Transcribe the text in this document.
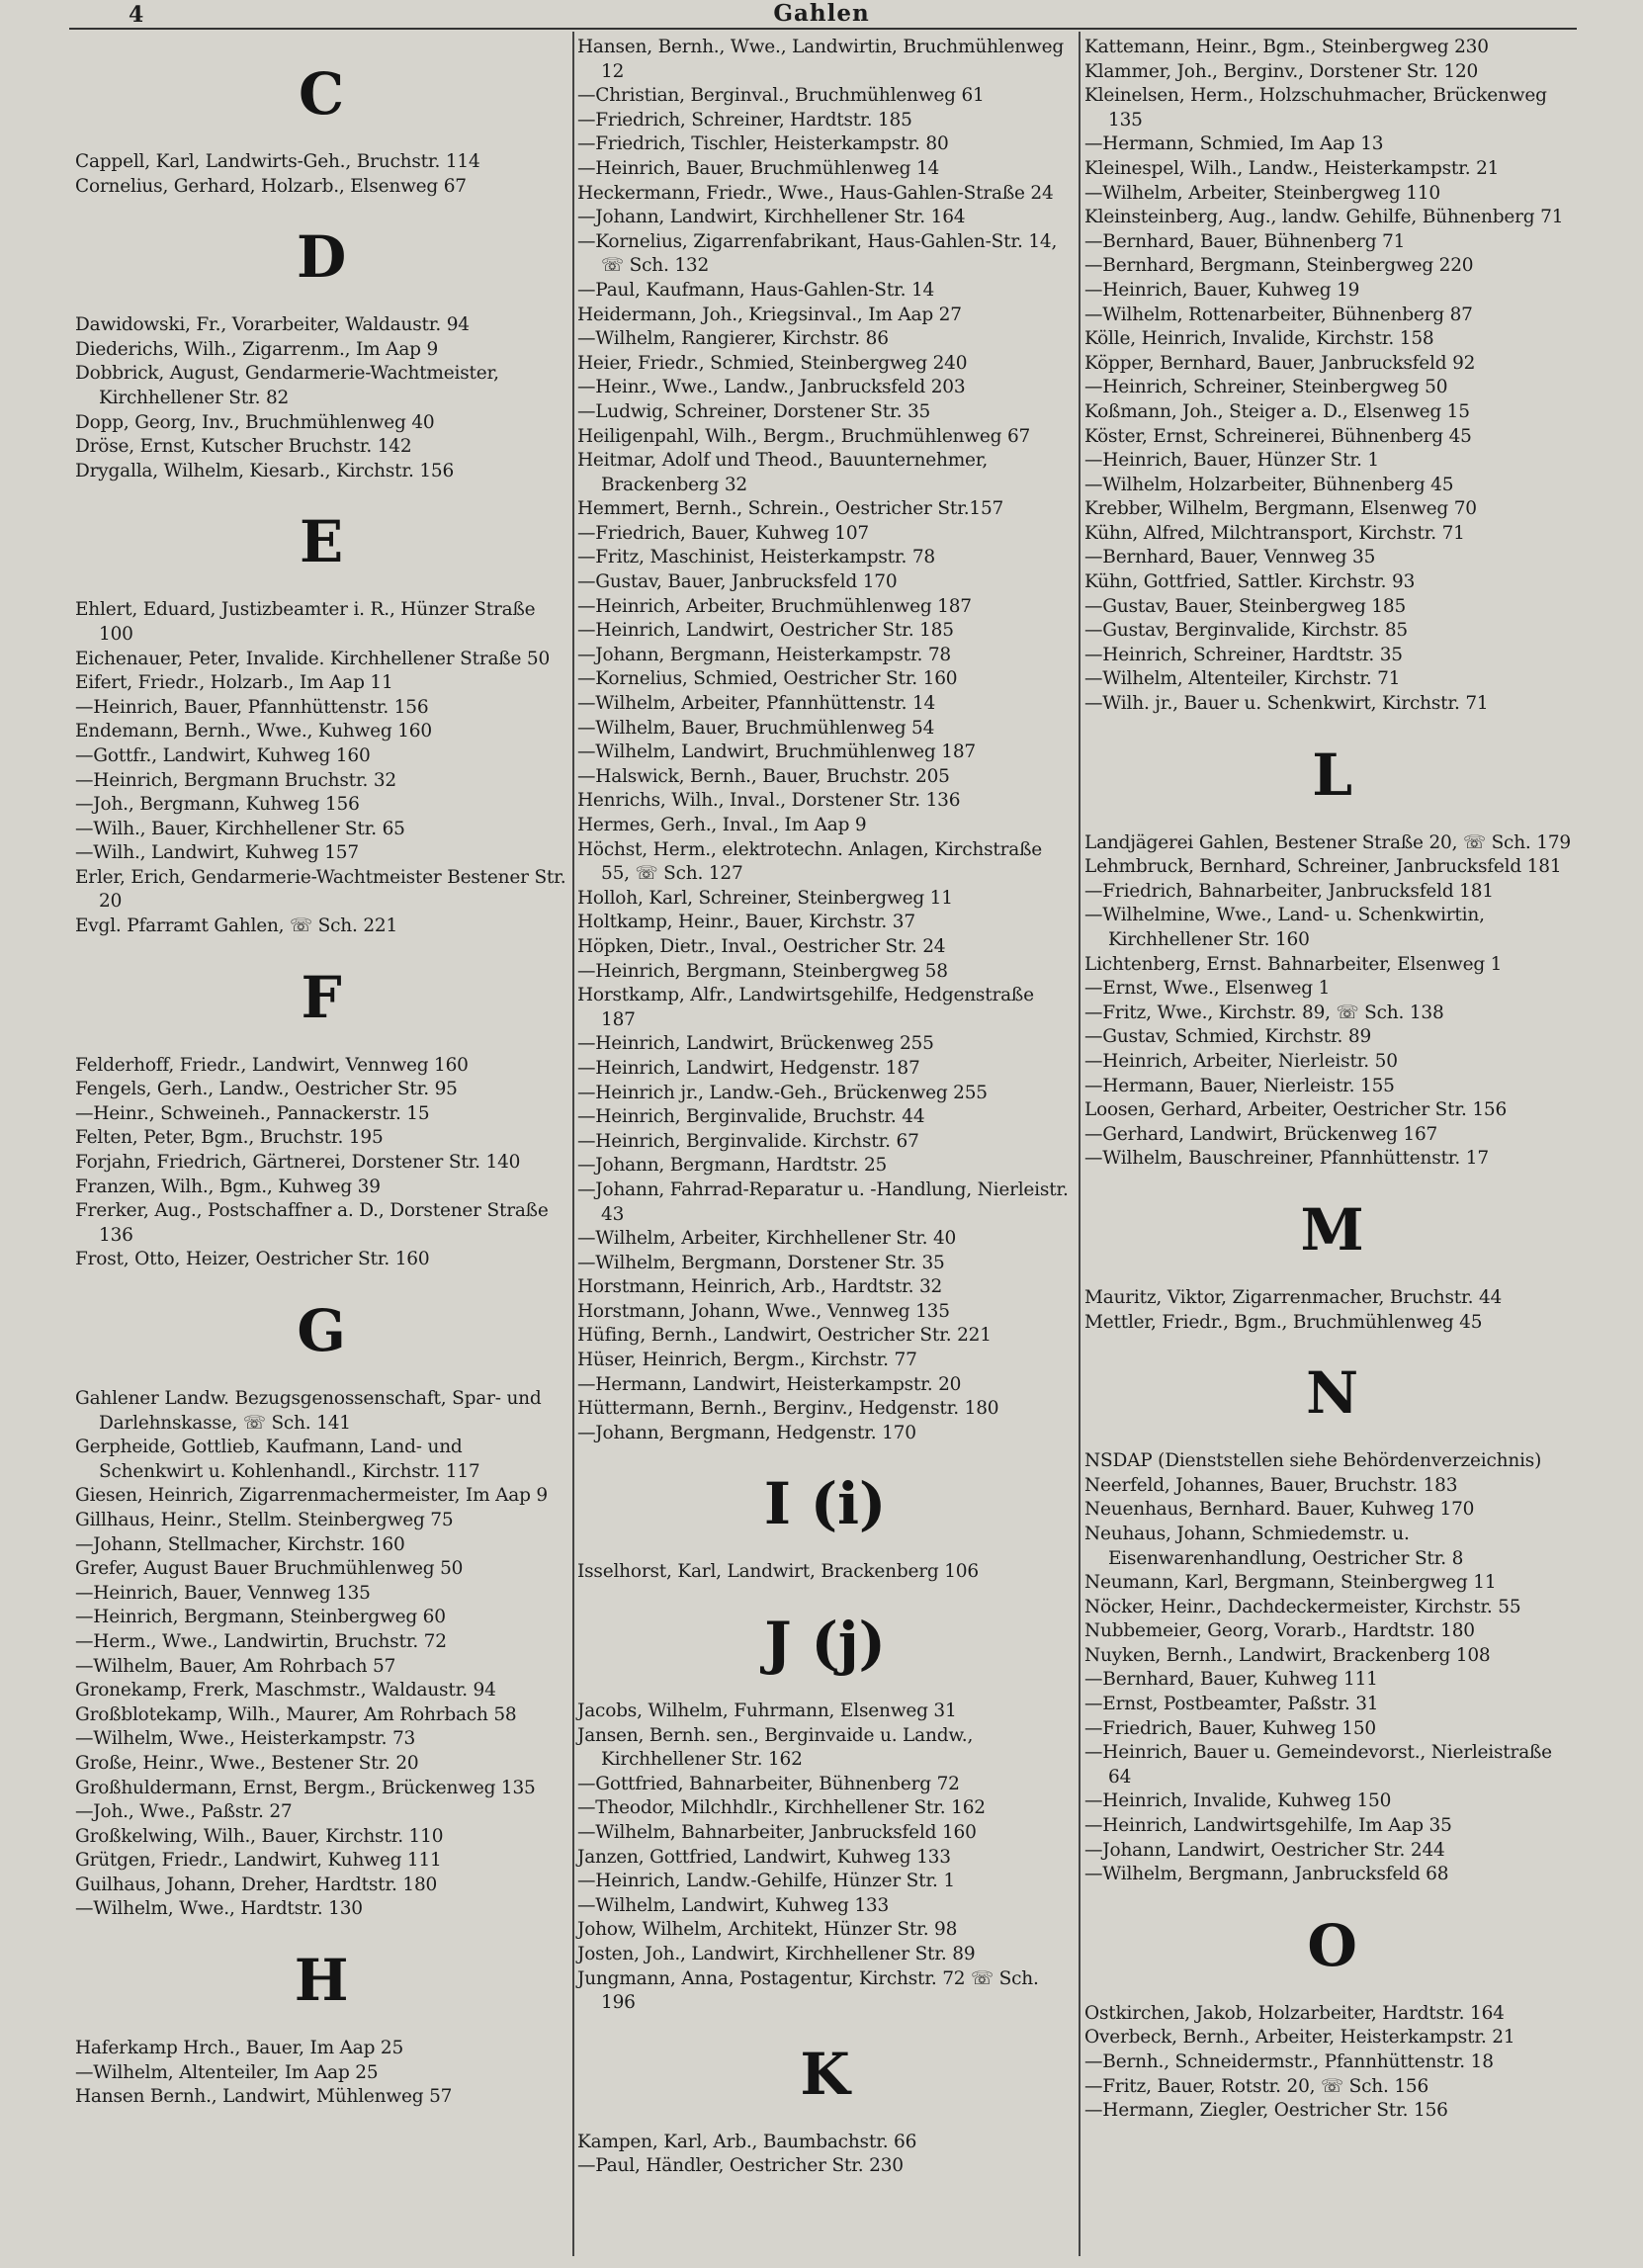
4	Gahlen
C

Cappell, Karl, Landwirts-Geh., Bruchstr. 114

Cornelius, Gerhard, Holzarb., Elsenweg 67

D

Dawidowski, Fr., Vorarbeiter, Waldaustr. 94

Diederichs, Wilh., Zigarrenm., Im Aap 9

Dobbrick, August, Gendarmerie-Wachtmeister, Kirchhellener Str. 82

Dopp, Georg, Inv., Bruchmühlenweg 40

Dröse, Ernst, Kutscher Bruchstr. 142

Drygalla, Wilhelm, Kiesarb., Kirchstr. 156

E

Ehlert, Eduard, Justizbeamter i. R., Hünzer Straße 100

Eichenauer, Peter, Invalide. Kirchhellener Straße 50

Eifert, Friedr., Holzarb., Im Aap 11

—Heinrich, Bauer, Pfannhüttenstr. 156

Endemann, Bernh., Wwe., Kuhweg 160

—Gottfr., Landwirt, Kuhweg 160

—Heinrich, Bergmann Bruchstr. 32

—Joh., Bergmann, Kuhweg 156

—Wilh., Bauer, Kirchhellener Str. 65

—Wilh., Landwirt, Kuhweg 157

Erler, Erich, Gendarmerie-Wachtmeister Bestener Str. 20

Evgl. Pfarramt Gahlen, ☏ Sch. 221

F

Felderhoff, Friedr., Landwirt, Vennweg 160

Fengels, Gerh., Landw., Oestricher Str. 95

—Heinr., Schweineh., Pannackerstr. 15

Felten, Peter, Bgm., Bruchstr. 195

Forjahn, Friedrich, Gärtnerei, Dorstener Str. 140

Franzen, Wilh., Bgm., Kuhweg 39

Frerker, Aug., Postschaffner a. D., Dorstener Straße 136

Frost, Otto, Heizer, Oestricher Str. 160

G

Gahlener Landw. Bezugsgenossenschaft, Spar- und Darlehnskasse, ☏ Sch. 141

Gerpheide, Gottlieb, Kaufmann, Land- und Schenkwirt u. Kohlenhandl., Kirchstr. 117

Giesen, Heinrich, Zigarrenmachermeister, Im Aap 9

Gillhaus, Heinr., Stellm. Steinbergweg 75

—Johann, Stellmacher, Kirchstr. 160

Grefer, August Bauer Bruchmühlenweg 50

—Heinrich, Bauer, Vennweg 135

—Heinrich, Bergmann, Steinbergweg 60

—Herm., Wwe., Landwirtin, Bruchstr. 72

—Wilhelm, Bauer, Am Rohrbach 57

Gronekamp, Frerk, Maschmstr., Waldaustr. 94

Großblotekamp, Wilh., Maurer, Am Rohrbach 58

—Wilhelm, Wwe., Heisterkampstr. 73

Große, Heinr., Wwe., Bestener Str. 20

Großhuldermann, Ernst, Bergm., Brückenweg 135

—Joh., Wwe., Paßstr. 27

Großkelwing, Wilh., Bauer, Kirchstr. 110

Grütgen, Friedr., Landwirt, Kuhweg 111

Guilhaus, Johann, Dreher, Hardtstr. 180

—Wilhelm, Wwe., Hardtstr. 130

H

Haferkamp Hrch., Bauer, Im Aap 25

—Wilhelm, Altenteiler, Im Aap 25

Hansen Bernh., Landwirt, Mühlenweg 57

Hansen, Bernh., Wwe., Landwirtin, Bruchmühlenweg 12

—Christian, Berginval., Bruchmühlenweg 61

—Friedrich, Schreiner, Hardtstr. 185

—Friedrich, Tischler, Heisterkampstr. 80

—Heinrich, Bauer, Bruchmühlenweg 14

Heckermann, Friedr., Wwe., Haus-Gahlen-Straße 24

—Johann, Landwirt, Kirchhellener Str. 164

—Kornelius, Zigarrenfabrikant, Haus-Gahlen-Str. 14, ☏ Sch. 132

—Paul, Kaufmann, Haus-Gahlen-Str. 14

Heidermann, Joh., Kriegsinval., Im Aap 27

—Wilhelm, Rangierer, Kirchstr. 86

Heier, Friedr., Schmied, Steinbergweg 240

—Heinr., Wwe., Landw., Janbrucksfeld 203

—Ludwig, Schreiner, Dorstener Str. 35

Heiligenpahl, Wilh., Bergm., Bruchmühlenweg 67

Heitmar, Adolf und Theod., Bauunternehmer, Brackenberg 32

Hemmert, Bernh., Schrein., Oestricher Str.157

—Friedrich, Bauer, Kuhweg 107

—Fritz, Maschinist, Heisterkampstr. 78

—Gustav, Bauer, Janbrucksfeld 170

—Heinrich, Arbeiter, Bruchmühlenweg 187

—Heinrich, Landwirt, Oestricher Str. 185

—Johann, Bergmann, Heisterkampstr. 78

—Kornelius, Schmied, Oestricher Str. 160

—Wilhelm, Arbeiter, Pfannhüttenstr. 14

—Wilhelm, Bauer, Bruchmühlenweg 54

—Wilhelm, Landwirt, Bruchmühlenweg 187

—Halswick, Bernh., Bauer, Bruchstr. 205

Henrichs, Wilh., Inval., Dorstener Str. 136

Hermes, Gerh., Inval., Im Aap 9

Höchst, Herm., elektrotechn. Anlagen, Kirchstraße 55, ☏ Sch. 127

Holloh, Karl, Schreiner, Steinbergweg 11

Holtkamp, Heinr., Bauer, Kirchstr. 37

Höpken, Dietr., Inval., Oestricher Str. 24

—Heinrich, Bergmann, Steinbergweg 58

Horstkamp, Alfr., Landwirtsgehilfe, Hedgenstraße 187

—Heinrich, Landwirt, Brückenweg 255

—Heinrich, Landwirt, Hedgenstr. 187

—Heinrich jr., Landw.-Geh., Brückenweg 255

—Heinrich, Berginvalide, Bruchstr. 44

—Heinrich, Berginvalide. Kirchstr. 67

—Johann, Bergmann, Hardtstr. 25

—Johann, Fahrrad-Reparatur u. -Handlung, Nierleistr. 43

—Wilhelm, Arbeiter, Kirchhellener Str. 40

—Wilhelm, Bergmann, Dorstener Str. 35

Horstmann, Heinrich, Arb., Hardtstr. 32

Horstmann, Johann, Wwe., Vennweg 135

Hüfing, Bernh., Landwirt, Oestricher Str. 221

Hüser, Heinrich, Bergm., Kirchstr. 77

—Hermann, Landwirt, Heisterkampstr. 20

Hüttermann, Bernh., Berginv., Hedgenstr. 180

—Johann, Bergmann, Hedgenstr. 170

I (i)

Isselhorst, Karl, Landwirt, Brackenberg 106

J (j)

Jacobs, Wilhelm, Fuhrmann, Elsenweg 31

Jansen, Bernh. sen., Berginvaide u. Landw., Kirchhellener Str. 162

—Gottfried, Bahnarbeiter, Bühnenberg 72

—Theodor, Milchhdlr., Kirchhellener Str. 162

—Wilhelm, Bahnarbeiter, Janbrucksfeld 160

Janzen, Gottfried, Landwirt, Kuhweg 133

—Heinrich, Landw.-Gehilfe, Hünzer Str. 1

—Wilhelm, Landwirt, Kuhweg 133

Johow, Wilhelm, Architekt, Hünzer Str. 98

Josten, Joh., Landwirt, Kirchhellener Str. 89

Jungmann, Anna, Postagentur, Kirchstr. 72 ☏ Sch. 196

K

Kampen, Karl, Arb., Baumbachstr. 66

—Paul, Händler, Oestricher Str. 230

Kattemann, Heinr., Bgm., Steinbergweg 230

Klammer, Joh., Berginv., Dorstener Str. 120

Kleinelsen, Herm., Holzschuhmacher, Brückenweg 135

—Hermann, Schmied, Im Aap 13

Kleinespel, Wilh., Landw., Heisterkampstr. 21

—Wilhelm, Arbeiter, Steinbergweg 110

Kleinsteinberg, Aug., landw. Gehilfe, Bühnenberg 71

—Bernhard, Bauer, Bühnenberg 71

—Bernhard, Bergmann, Steinbergweg 220

—Heinrich, Bauer, Kuhweg 19

—Wilhelm, Rottenarbeiter, Bühnenberg 87

Kölle, Heinrich, Invalide, Kirchstr. 158

Köpper, Bernhard, Bauer, Janbrucksfeld 92

—Heinrich, Schreiner, Steinbergweg 50

Koßmann, Joh., Steiger a. D., Elsenweg 15

Köster, Ernst, Schreinerei, Bühnenberg 45

—Heinrich, Bauer, Hünzer Str. 1

—Wilhelm, Holzarbeiter, Bühnenberg 45

Krebber, Wilhelm, Bergmann, Elsenweg 70

Kühn, Alfred, Milchtransport, Kirchstr. 71

—Bernhard, Bauer, Vennweg 35

Kühn, Gottfried, Sattler. Kirchstr. 93

—Gustav, Bauer, Steinbergweg 185

—Gustav, Berginvalide, Kirchstr. 85

—Heinrich, Schreiner, Hardtstr. 35

—Wilhelm, Altenteiler, Kirchstr. 71

—Wilh. jr., Bauer u. Schenkwirt, Kirchstr. 71

L

Landjägerei Gahlen, Bestener Straße 20, ☏ Sch. 179

Lehmbruck, Bernhard, Schreiner, Janbrucksfeld 181

—Friedrich, Bahnarbeiter, Janbrucksfeld 181

—Wilhelmine, Wwe., Land- u. Schenkwirtin, Kirchhellener Str. 160

Lichtenberg, Ernst. Bahnarbeiter, Elsenweg 1

—Ernst, Wwe., Elsenweg 1

—Fritz, Wwe., Kirchstr. 89, ☏ Sch. 138

—Gustav, Schmied, Kirchstr. 89

—Heinrich, Arbeiter, Nierleistr. 50

—Hermann, Bauer, Nierleistr. 155

Loosen, Gerhard, Arbeiter, Oestricher Str. 156

—Gerhard, Landwirt, Brückenweg 167

—Wilhelm, Bauschreiner, Pfannhüttenstr. 17

M

Mauritz, Viktor, Zigarrenmacher, Bruchstr. 44

Mettler, Friedr., Bgm., Bruchmühlenweg 45

N

NSDAP (Dienststellen siehe Behördenverzeichnis)

Neerfeld, Johannes, Bauer, Bruchstr. 183

Neuenhaus, Bernhard. Bauer, Kuhweg 170

Neuhaus, Johann, Schmiedemstr. u. Eisenwarenhandlung, Oestricher Str. 8

Neumann, Karl, Bergmann, Steinbergweg 11

Nöcker, Heinr., Dachdeckermeister, Kirchstr. 55

Nubbemeier, Georg, Vorarb., Hardtstr. 180

Nuyken, Bernh., Landwirt, Brackenberg 108

—Bernhard, Bauer, Kuhweg 111

—Ernst, Postbeamter, Paßstr. 31

—Friedrich, Bauer, Kuhweg 150

—Heinrich, Bauer u. Gemeindevorst., Nierleistraße 64

—Heinrich, Invalide, Kuhweg 150

—Heinrich, Landwirtsgehilfe, Im Aap 35

—Johann, Landwirt, Oestricher Str. 244

—Wilhelm, Bergmann, Janbrucksfeld 68

O

Ostkirchen, Jakob, Holzarbeiter, Hardtstr. 164

Overbeck, Bernh., Arbeiter, Heisterkampstr. 21

—Bernh., Schneidermstr., Pfannhüttenstr. 18

—Fritz, Bauer, Rotstr. 20, ☏ Sch. 156

—Hermann, Ziegler, Oestricher Str. 156
